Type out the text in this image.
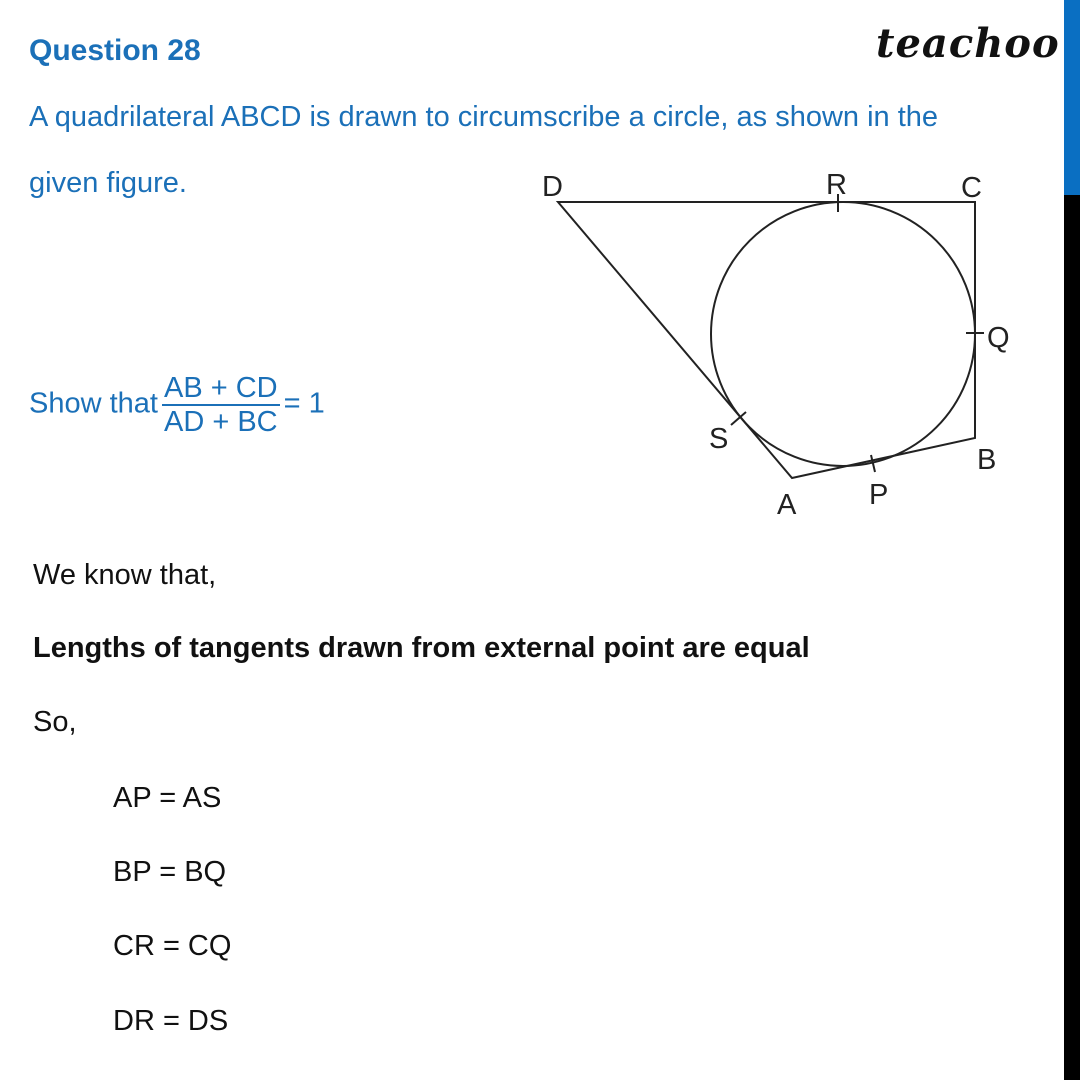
Question 28	teachoo
A quadrilateral ABCD is drawn to circumscribe a circle, as shown in the
given figure.
Show that $\frac{AB + CD}{AD + BC} = 1$
D	R	C
Q
S
B
A	P
We know that,
Lengths of tangents drawn from external point are equal
So,
AP = AS
BP = BQ
CR = CQ
DR = DS
